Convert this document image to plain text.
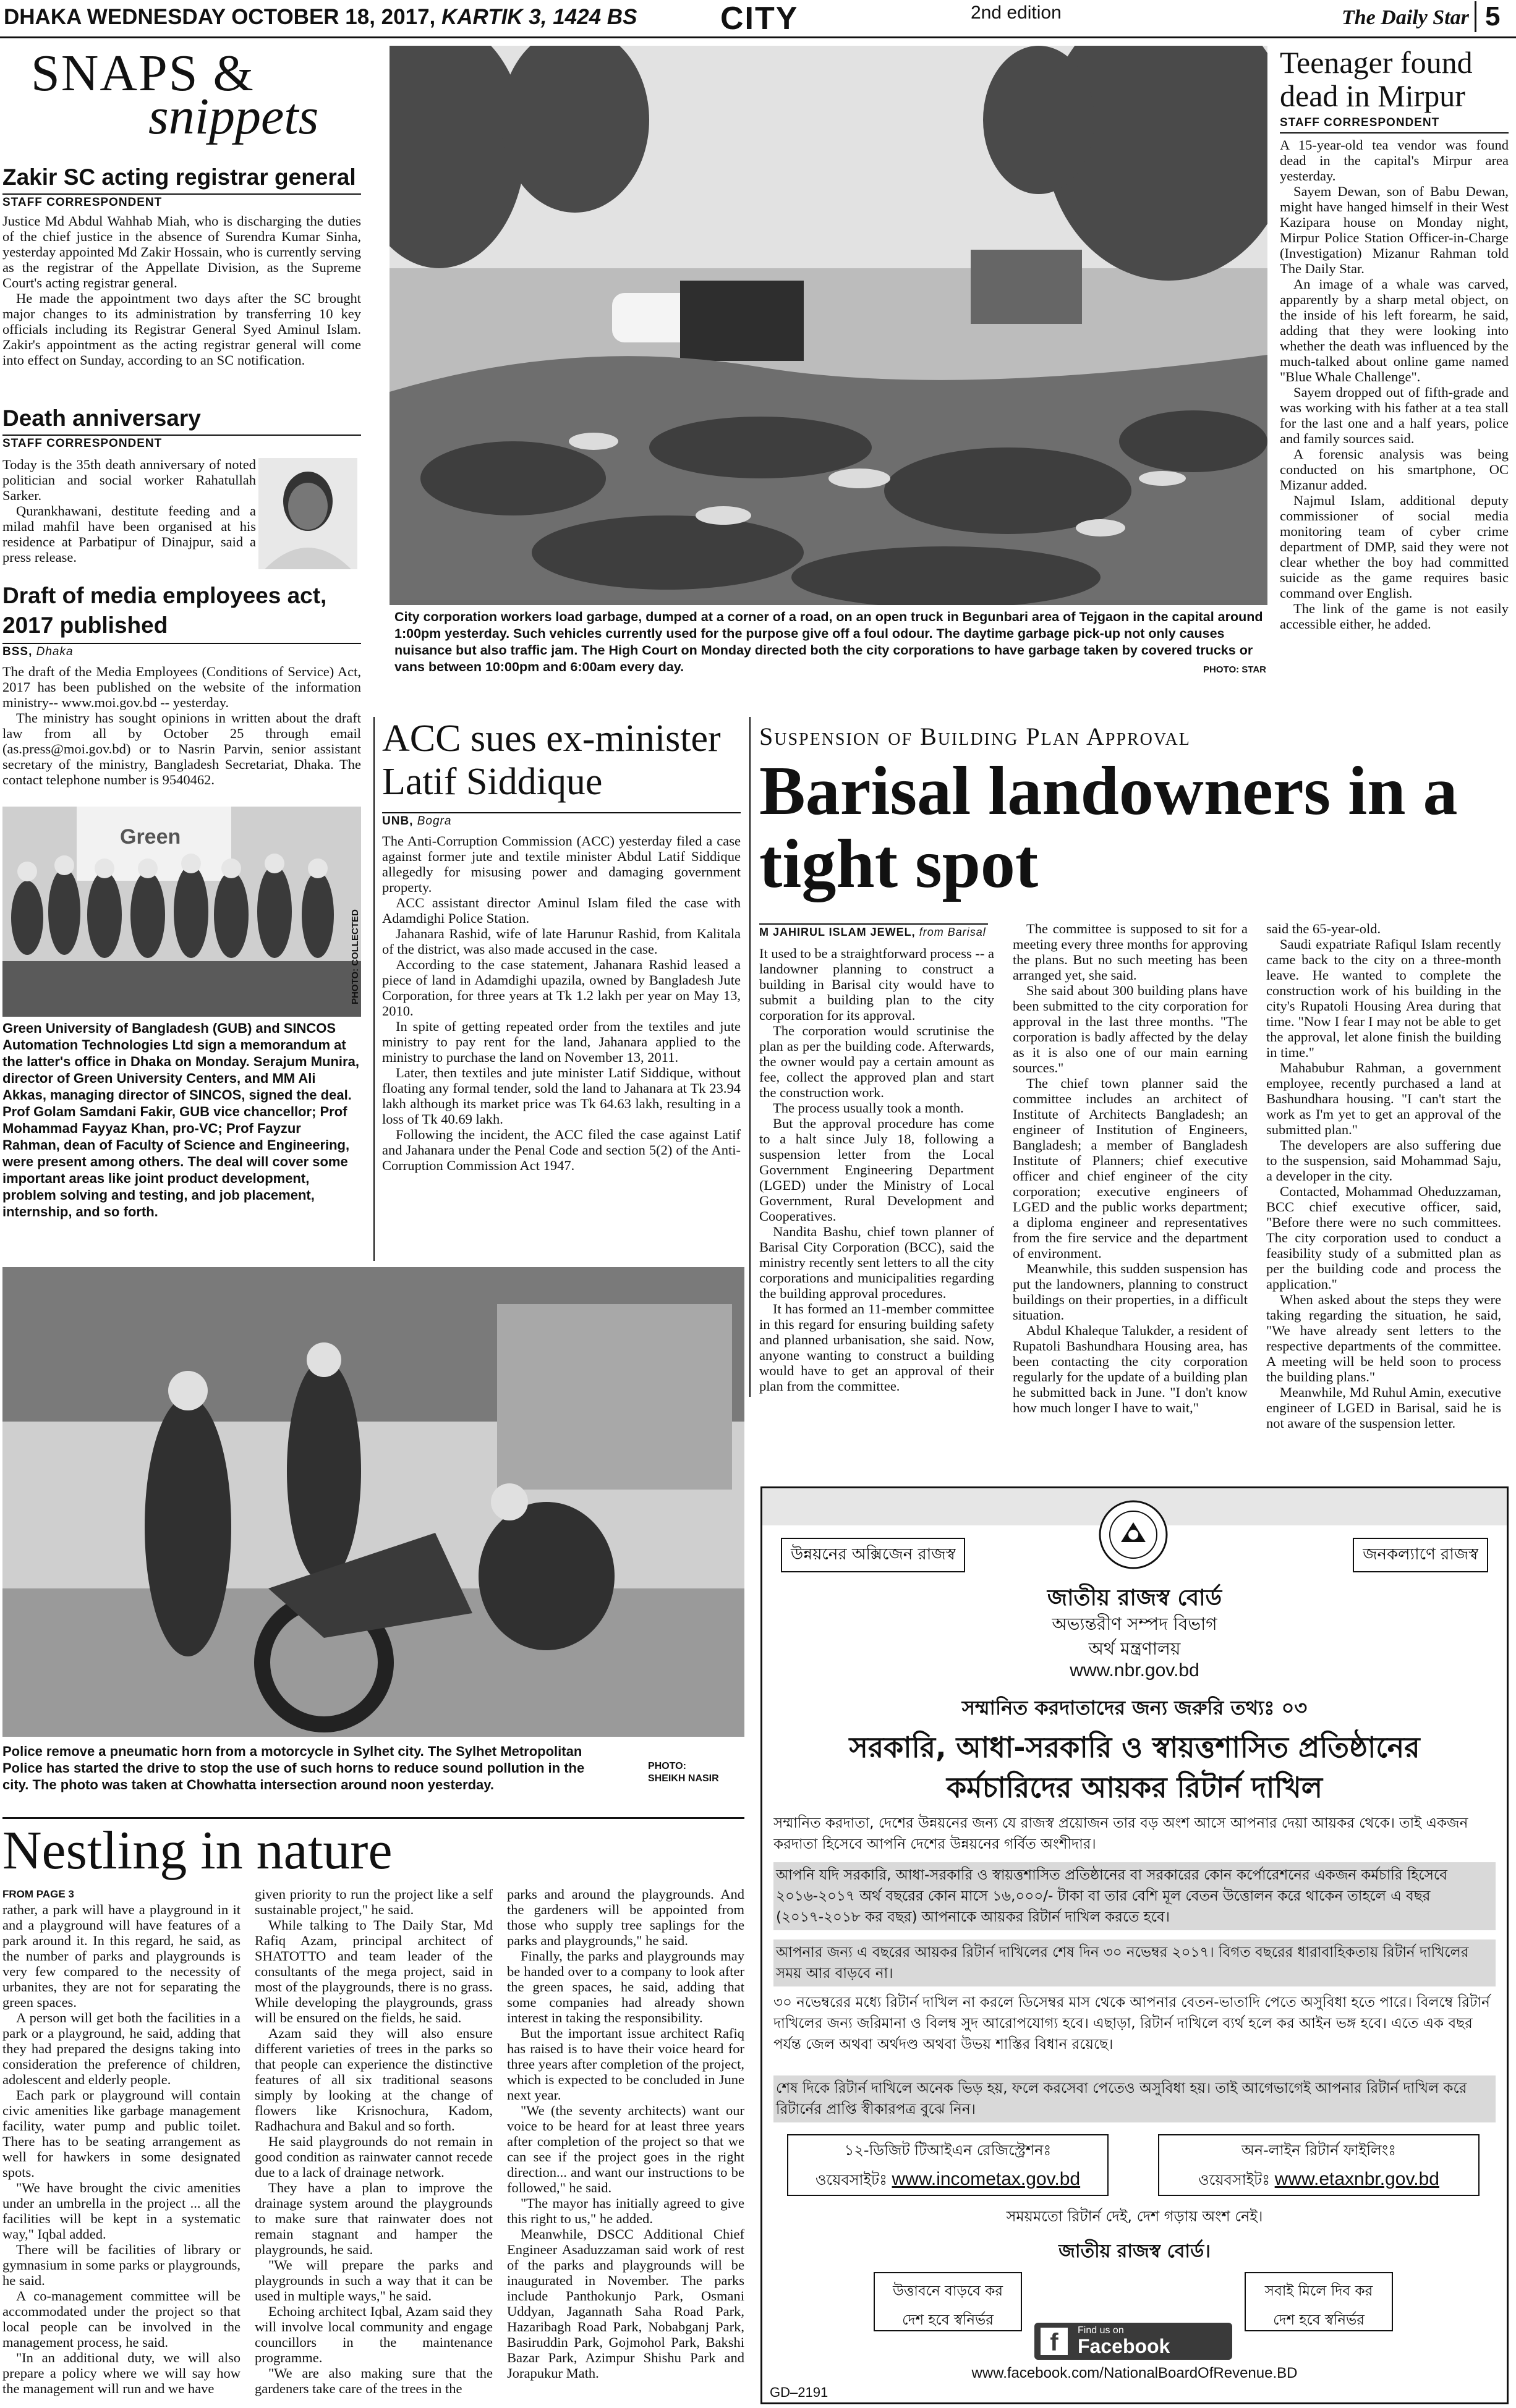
DHAKA WEDNESDAY OCTOBER 18, 2017, KARTIK 3, 1424 BS	CITY	2nd edition	The Daily Star 5
SNAPS &
snippets
Zakir SC acting registrar general
STAFF CORRESPONDENT

Justice Md Abdul Wahhab Miah, who is discharging the duties of the chief justice in the absence of Surendra Kumar Sinha, yesterday appointed Md Zakir Hossain, who is currently serving as the registrar of the Appellate Division, as the Supreme Court's acting registrar general.

He made the appointment two days after the SC brought major changes to its administration by transferring 10 key officials including its Registrar General Syed Aminul Islam. Zakir's appointment as the acting registrar general will come into effect on Sunday, according to an SC notification.

Death anniversary
STAFF CORRESPONDENT

Today is the 35th death anniversary of noted politician and social worker Rahatullah Sarker.

Qurankhawani, destitute feeding and a milad mahfil have been organised at his residence at Parbatipur of Dinajpur, said a press release.

Draft of media employees act, 2017 published
BSS, Dhaka

The draft of the Media Employees (Conditions of Service) Act, 2017 has been published on the website of the information ministry-- www.moi.gov.bd -- yesterday.

The ministry has sought opinions in written about the draft law from all by October 25 through email (as.press@moi.gov.bd) or to Nasrin Parvin, senior assistant secretary of the ministry, Bangladesh Secretariat, Dhaka. The contact telephone number is 9540462.

Green
PHOTO: COLLECTED
Green University of Bangladesh (GUB) and SINCOS Automation Technologies Ltd sign a memorandum at the latter's office in Dhaka on Monday. Serajum Munira, director of Green University Centers, and MM Ali Akkas, managing director of SINCOS, signed the deal. Prof Golam Samdani Fakir, GUB vice chancellor; Prof Mohammad Fayyaz Khan, pro-VC; Prof Fayzur Rahman, dean of Faculty of Science and Engineering, were present among others. The deal will cover some important areas like joint product development, problem solving and testing, and job placement, internship, and so forth.
City corporation workers load garbage, dumped at a corner of a road, on an open truck in Begunbari area of Tejgaon in the capital around 1:00pm yesterday. Such vehicles currently used for the purpose give off a foul odour. The daytime garbage pick-up not only causes nuisance but also traffic jam. The High Court on Monday directed both the city corporations to have garbage taken by covered trucks or vans between 10:00pm and 6:00am every day.	PHOTO: STAR
Teenager found dead in Mirpur
STAFF CORRESPONDENT

A 15-year-old tea vendor was found dead in the capital's Mirpur area yesterday.

Sayem Dewan, son of Babu Dewan, might have hanged himself in their West Kazipara house on Monday night, Mirpur Police Station Officer-in-Charge (Investigation) Mizanur Rahman told The Daily Star.

An image of a whale was carved, apparently by a sharp metal object, on the inside of his left forearm, he said, adding that they were looking into whether the death was influenced by the much-talked about online game named "Blue Whale Challenge".

Sayem dropped out of fifth-grade and was working with his father at a tea stall for the last one and a half years, police and family sources said.

A forensic analysis was being conducted on his smartphone, OC Mizanur added.

Najmul Islam, additional deputy commissioner of social media monitoring team of cyber crime department of DMP, said they were not clear whether the boy had committed suicide as the game requires basic command over English.

The link of the game is not easily accessible either, he added.

ACC sues ex-minister Latif Siddique
UNB, Bogra

The Anti-Corruption Commission (ACC) yesterday filed a case against former jute and textile minister Abdul Latif Siddique allegedly for misusing power and damaging government property.

ACC assistant director Aminul Islam filed the case with Adamdighi Police Station.

Jahanara Rashid, wife of late Harunur Rashid, from Kalitala of the district, was also made accused in the case.

According to the case statement, Jahanara Rashid leased a piece of land in Adamdighi upazila, owned by Bangladesh Jute Corporation, for three years at Tk 1.2 lakh per year on May 13, 2010.

In spite of getting repeated order from the textiles and jute ministry to pay rent for the land, Jahanara applied to the ministry to purchase the land on November 13, 2011.

Later, then textiles and jute minister Latif Siddique, without floating any formal tender, sold the land to Jahanara at Tk 23.94 lakh although its market price was Tk 64.63 lakh, resulting in a loss of Tk 40.69 lakh.

Following the incident, the ACC filed the case against Latif and Jahanara under the Penal Code and section 5(2) of the Anti-Corruption Commission Act 1947.

Suspension of Building Plan Approval
Barisal landowners in a tight spot
M JAHIRUL ISLAM JEWEL, from Barisal

It used to be a straightforward process -- a landowner planning to construct a building in Barisal city would have to submit a building plan to the city corporation for its approval.

The corporation would scrutinise the plan as per the building code. Afterwards, the owner would pay a certain amount as fee, collect the approved plan and start the construction work.

The process usually took a month.

But the approval procedure has come to a halt since July 18, following a suspension letter from the Local Government Engineering Department (LGED) under the Ministry of Local Government, Rural Development and Cooperatives.

Nandita Bashu, chief town planner of Barisal City Corporation (BCC), said the ministry recently sent letters to all the city corporations and municipalities regarding the building approval procedures.

It has formed an 11-member committee in this regard for ensuring building safety and planned urbanisation, she said. Now, anyone wanting to construct a building would have to get an approval of their plan from the committee.

The committee is supposed to sit for a meeting every three months for approving the plans. But no such meeting has been arranged yet, she said.

She said about 300 building plans have been submitted to the city corporation for approval in the last three months. "The corporation is badly affected by the delay as it is also one of our main earning sources."

The chief town planner said the committee includes an architect of Institute of Architects Bangladesh; an engineer of Institution of Engineers, Bangladesh; a member of Bangladesh Institute of Planners; chief executive officer and chief engineer of the city corporation; executive engineers of LGED and the public works department; a diploma engineer and representatives from the fire service and the department of environment.

Meanwhile, this sudden suspension has put the landowners, planning to construct buildings on their properties, in a difficult situation.

Abdul Khaleque Talukder, a resident of Rupatoli Bashundhara Housing area, has been contacting the city corporation regularly for the update of a building plan he submitted back in June. "I don't know how much longer I have to wait,"

said the 65-year-old.

Saudi expatriate Rafiqul Islam recently came back to the city on a three-month leave. He wanted to complete the construction work of his building in the city's Rupatoli Housing Area during that time. "Now I fear I may not be able to get the approval, let alone finish the building in time."

Mahabubur Rahman, a government employee, recently purchased a land at Bashundhara housing. "I can't start the work as I'm yet to get an approval of the submitted plan."

The developers are also suffering due to the suspension, said Mohammad Saju, a developer in the city.

Contacted, Mohammad Oheduzzaman, BCC chief executive officer, said, "Before there were no such committees. The city corporation used to conduct a feasibility study of a submitted plan as per the building code and process the application."

When asked about the steps they were taking regarding the situation, he said, "We have already sent letters to the respective departments of the committee. A meeting will be held soon to process the building plans."

Meanwhile, Md Ruhul Amin, executive engineer of LGED in Barisal, said he is not aware of the suspension letter.

Police remove a pneumatic horn from a motorcycle in Sylhet city. The Sylhet Metropolitan Police has started the drive to stop the use of such horns to reduce sound pollution in the city. The photo was taken at Chowhatta intersection around noon yesterday.
PHOTO:
SHEIKH NASIR
Nestling in nature
FROM PAGE 3

rather, a park will have a playground in it and a playground will have features of a park around it. In this regard, he said, as the number of parks and playgrounds is very few compared to the necessity of urbanites, they are not for separating the green spaces.

A person will get both the facilities in a park or a playground, he said, adding that they had prepared the designs taking into consideration the preference of children, adolescent and elderly people.

Each park or playground will contain civic amenities like garbage management facility, water pump and public toilet. There has to be seating arrangement as well for hawkers in some designated spots.

"We have brought the civic amenities under an umbrella in the project ... all the facilities will be kept in a systematic way," Iqbal added.

There will be facilities of library or gymnasium in some parks or playgrounds, he said.

A co-management committee will be accommodated under the project so that local people can be involved in the management process, he said.

"In an additional duty, we will also prepare a policy where we will say how the management will run and we have

given priority to run the project like a self sustainable project," he said.

While talking to The Daily Star, Md Rafiq Azam, principal architect of SHATOTTO and team leader of the consultants of the mega project, said in most of the playgrounds, there is no grass. While developing the playgrounds, grass will be ensured on the fields, he said.

Azam said they will also ensure different varieties of trees in the parks so that people can experience the distinctive features of all six traditional seasons simply by looking at the change of flowers like Krisnochura, Kadom, Radhachura and Bakul and so forth.

He said playgrounds do not remain in good condition as rainwater cannot recede due to a lack of drainage network.

They have a plan to improve the drainage system around the playgrounds to make sure that rainwater does not remain stagnant and hamper the playgrounds, he said.

"We will prepare the parks and playgrounds in such a way that it can be used in multiple ways," he said.

Echoing architect Iqbal, Azam said they will involve local community and engage councillors in the maintenance programme.

"We are also making sure that the gardeners take care of the trees in the

parks and around the playgrounds. And the gardeners will be appointed from those who supply tree saplings for the parks and playgrounds," he said.

Finally, the parks and playgrounds may be handed over to a company to look after the green spaces, he said, adding that some companies had already shown interest in taking the responsibility.

But the important issue architect Rafiq has raised is to have their voice heard for three years after completion of the project, which is expected to be concluded in June next year.

"We (the seventy architects) want our voice to be heard for at least three years after completion of the project so that we can see if the project goes in the right direction... and want our instructions to be followed," he said.

"The mayor has initially agreed to give this right to us," he added.

Meanwhile, DSCC Additional Chief Engineer Asaduzzaman said work of rest of the parks and playgrounds will be inaugurated in November. The parks include Panthokunjo Park, Osmani Uddyan, Jagannath Saha Road Park, Hazaribagh Road Park, Nobabganj Park, Basiruddin Park, Gojmohol Park, Bakshi Bazar Park, Azimpur Shishu Park and Jorapukur Math.

উন্নয়নের অক্সিজেন রাজস্ব	জনকল্যাণে রাজস্ব
জাতীয় রাজস্ব বোর্ড
অভ্যন্তরীণ সম্পদ বিভাগ
অর্থ মন্ত্রণালয়
www.nbr.gov.bd
সম্মানিত করদাতাদের জন্য জরুরি তথ্যঃ ০৩
সরকারি, আধা-সরকারি ও স্বায়ত্তশাসিত প্রতিষ্ঠানের
কর্মচারিদের আয়কর রিটার্ন দাখিল
সম্মানিত করদাতা, দেশের উন্নয়নের জন্য যে রাজস্ব প্রয়োজন তার বড় অংশ আসে আপনার দেয়া আয়কর থেকে। তাই একজন করদাতা হিসেবে আপনি দেশের উন্নয়নের গর্বিত অংশীদার।
আপনি যদি সরকারি, আধা-সরকারি ও স্বায়ত্তশাসিত প্রতিষ্ঠানের বা সরকারের কোন কর্পোরেশনের একজন কর্মচারি হিসেবে ২০১৬-২০১৭ অর্থ বছরের কোন মাসে ১৬,০০০/- টাকা বা তার বেশি মূল বেতন উত্তোলন করে থাকেন তাহলে এ বছর (২০১৭-২০১৮ কর বছর) আপনাকে আয়কর রিটার্ন দাখিল করতে হবে।
আপনার জন্য এ বছরের আয়কর রিটার্ন দাখিলের শেষ দিন ৩০ নভেম্বর ২০১৭। বিগত বছরের ধারাবাহিকতায় রিটার্ন দাখিলের সময় আর বাড়বে না।
৩০ নভেম্বরের মধ্যে রিটার্ন দাখিল না করলে ডিসেম্বর মাস থেকে আপনার বেতন-ভাতাদি পেতে অসুবিধা হতে পারে। বিলম্বে রিটার্ন দাখিলের জন্য জরিমানা ও বিলম্ব সুদ আরোপযোগ্য হবে। এছাড়া, রিটার্ন দাখিলে ব্যর্থ হলে কর আইন ভঙ্গ হবে। এতে এক বছর পর্যন্ত জেল অথবা অর্থদণ্ড অথবা উভয় শাস্তির বিধান রয়েছে।
শেষ দিকে রিটার্ন দাখিলে অনেক ভিড় হয়, ফলে করসেবা পেতেও অসুবিধা হয়। তাই আগেভাগেই আপনার রিটার্ন দাখিল করে রিটার্নের প্রাপ্তি স্বীকারপত্র বুঝে নিন।
১২-ডিজিট টিআইএন রেজিস্ট্রেশনঃ
ওয়েবসাইটঃ www.incometax.gov.bd
অন-লাইন রিটার্ন ফাইলিংঃ
ওয়েবসাইটঃ www.etaxnbr.gov.bd
সময়মতো রিটার্ন দেই, দেশ গড়ায় অংশ নেই।
জাতীয় রাজস্ব বোর্ড।
উত্তাবনে বাড়বে কর
দেশ হবে স্বনির্ভর
সবাই মিলে দিব কর
দেশ হবে স্বনির্ভর
f	Find us on
Facebook
www.facebook.com/NationalBoardOfRevenue.BD
GD–2191
